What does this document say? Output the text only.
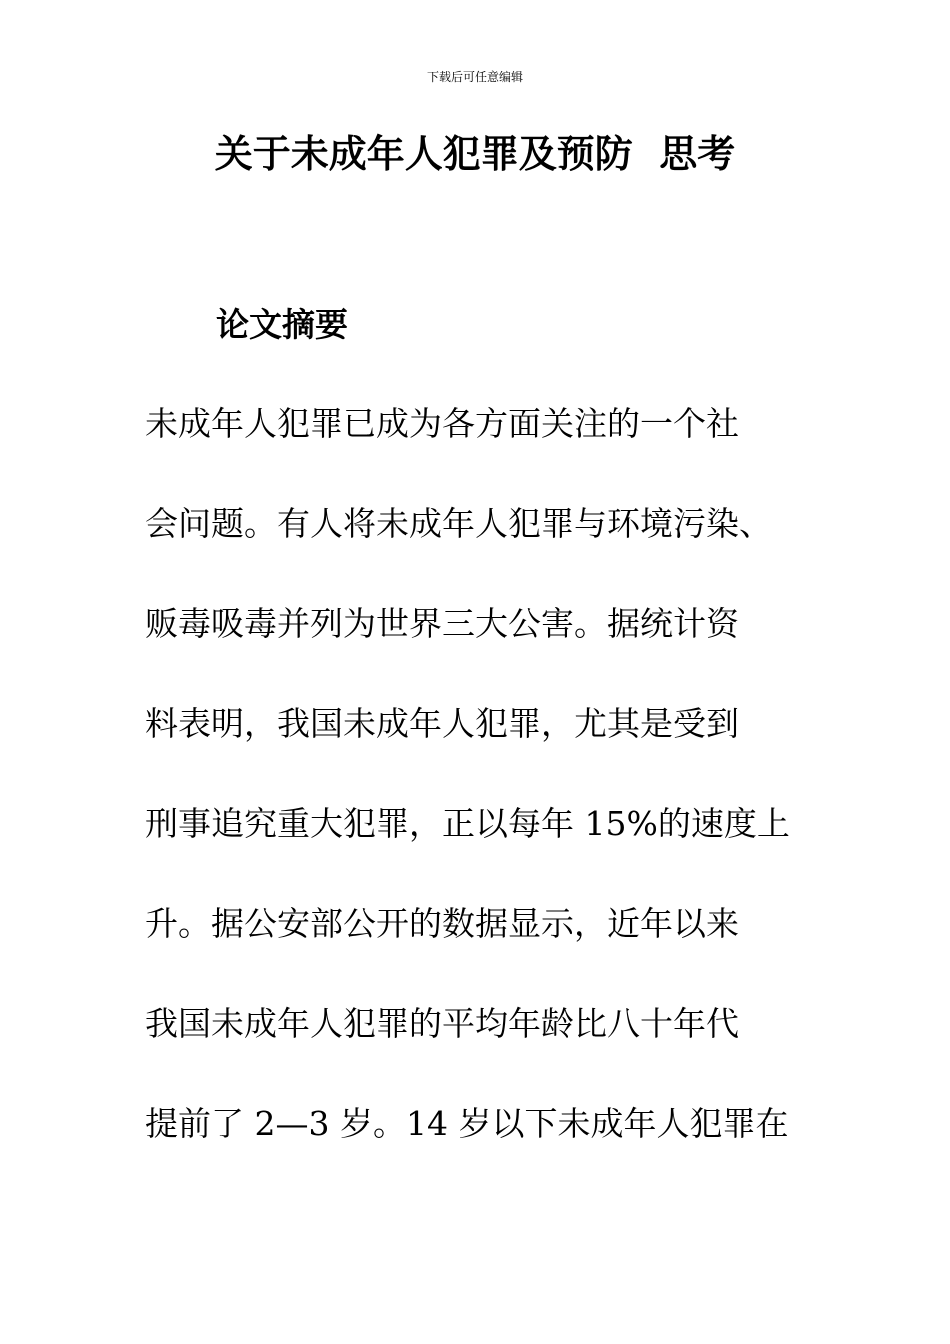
下载后可任意编辑
关于未成年人犯罪及预防  思考
论文摘要
未成年人犯罪已成为各方面关注的一个社
会问题。有人将未成年人犯罪与环境污染、
贩毒吸毒并列为世界三大公害。据统计资
料表明，我国未成年人犯罪，尤其是受到
刑事追究重大犯罪，正以每年 15%的速度上
升。据公安部公开的数据显示，近年以来
我国未成年人犯罪的平均年龄比八十年代
提前了 2—3 岁。14 岁以下未成年人犯罪在
